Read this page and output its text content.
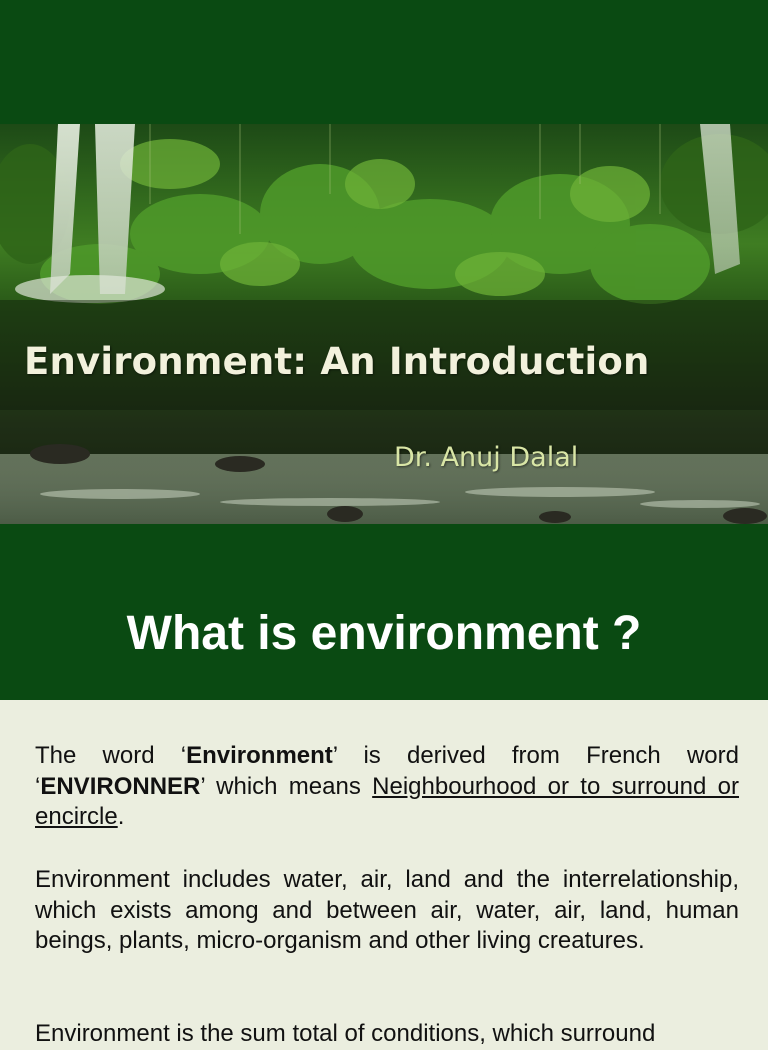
Environment: An Introduction
Dr. Anuj Dalal
What is environment ?

The word ‘Environment’ is derived from French word ‘ENVIRONNER’ which means Neighbourhood or to surround or encircle.

Environment includes water, air, land and the interrelationship, which exists among and between air, water, air, land, human beings, plants, micro-organism and other living creatures.

Environment is the sum total of conditions, which surround
